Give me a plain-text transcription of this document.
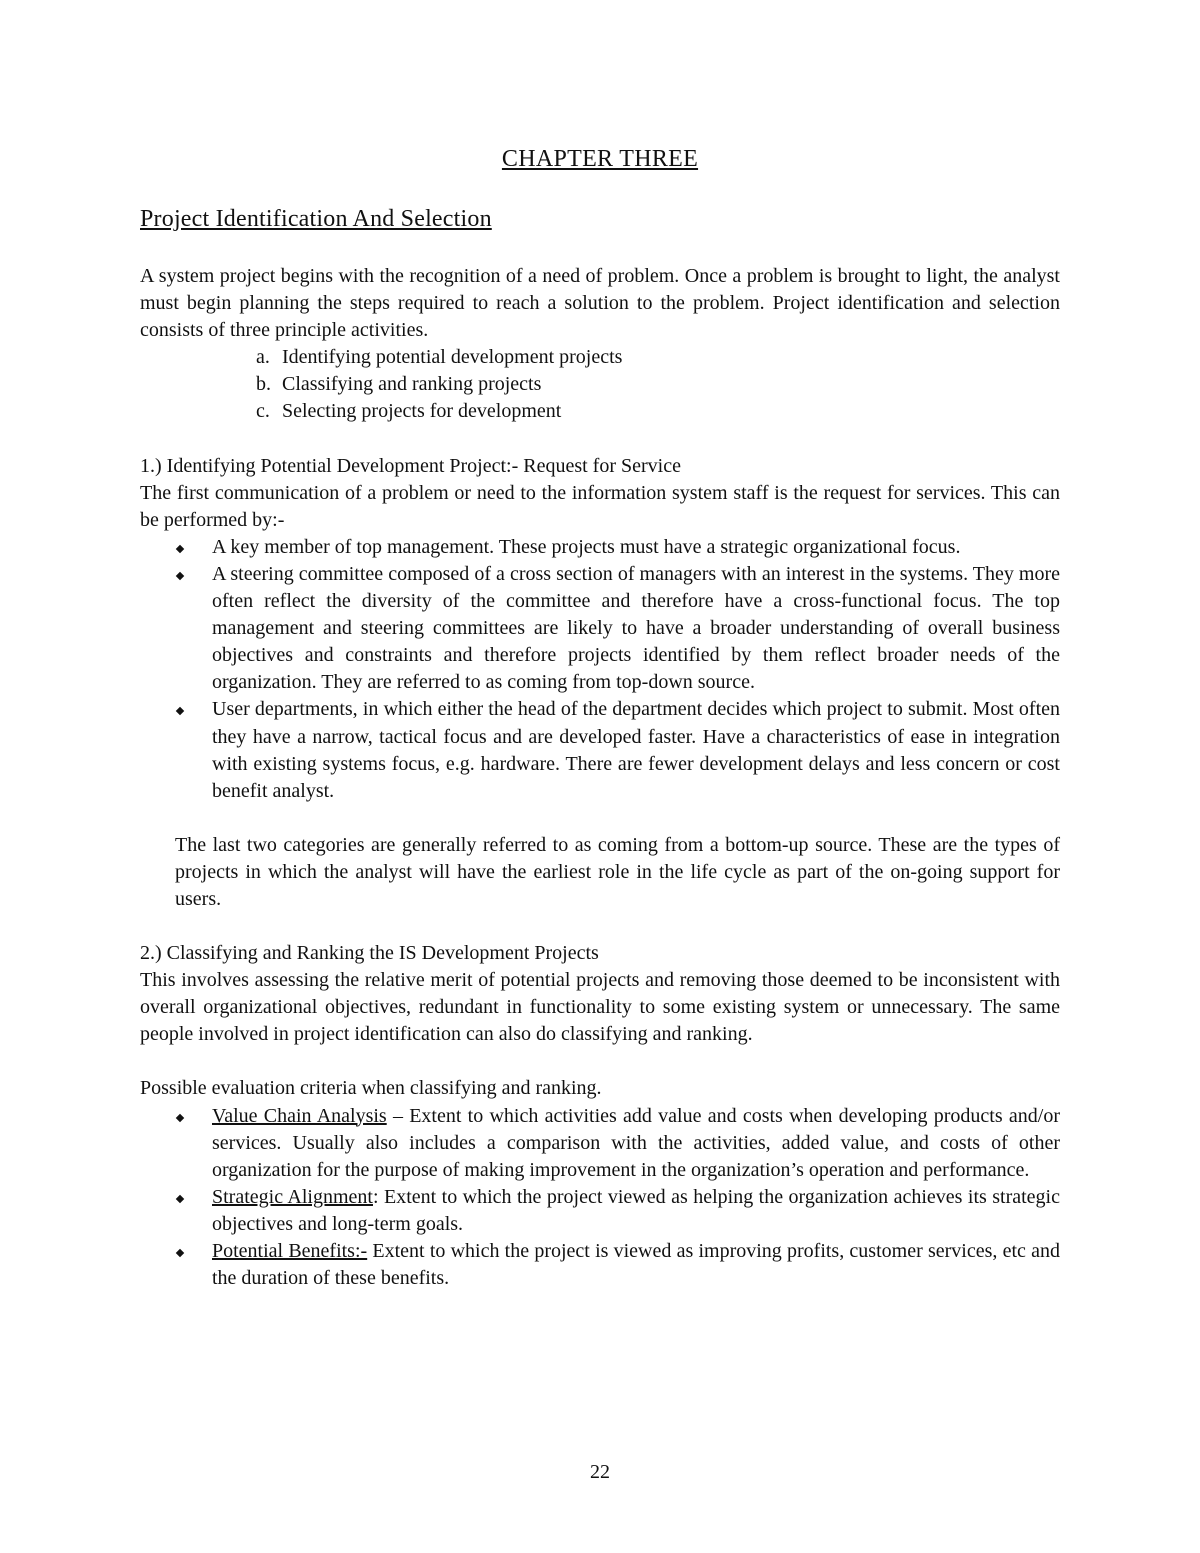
CHAPTER THREE
Project Identification And Selection

A system project begins with the recognition of a need of problem. Once a problem is brought to light, the analyst must begin planning the steps required to reach a solution to the problem. Project identification and selection consists of three principle activities.

a. Identifying potential development projects
b. Classifying and ranking projects
c. Selecting projects for development

1.) Identifying Potential Development Project:- Request for Service

The first communication of a problem or need to the information system staff is the request for services. This can be performed by:-

A key member of top management. These projects must have a strategic organizational focus.
A steering committee composed of a cross section of managers with an interest in the systems. They more often reflect the diversity of the committee and therefore have a cross-functional focus. The top management and steering committees are likely to have a broader understanding of overall business objectives and constraints and therefore projects identified by them reflect broader needs of the organization. They are referred to as coming from top-down source.
User departments, in which either the head of the department decides which project to submit. Most often they have a narrow, tactical focus and are developed faster. Have a characteristics of ease in integration with existing systems focus, e.g. hardware. There are fewer development delays and less concern or cost benefit analyst.

The last two categories are generally referred to as coming from a bottom-up source. These are the types of projects in which the analyst will have the earliest role in the life cycle as part of the on-going support for users.

2.) Classifying and Ranking the IS Development Projects

This involves assessing the relative merit of potential projects and removing those deemed to be inconsistent with overall organizational objectives, redundant in functionality to some existing system or unnecessary. The same people involved in project identification can also do classifying and ranking.

Possible evaluation criteria when classifying and ranking.

Value Chain Analysis – Extent to which activities add value and costs when developing products and/or services. Usually also includes a comparison with the activities, added value, and costs of other organization for the purpose of making improvement in the organization’s operation and performance.
Strategic Alignment: Extent to which the project viewed as helping the organization achieves its strategic objectives and long-term goals.
Potential Benefits:- Extent to which the project is viewed as improving profits, customer services, etc and the duration of these benefits.
22
